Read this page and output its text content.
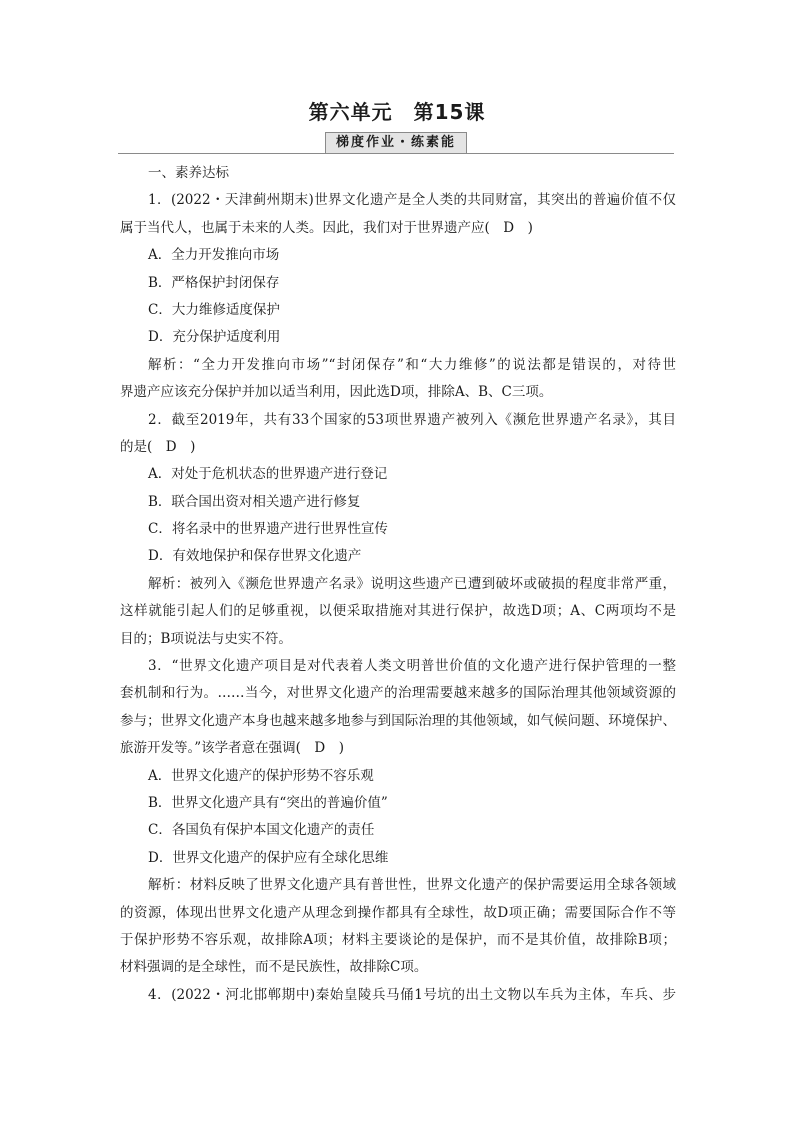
第六单元　第15课
梯度作业・练素能
一、素养达标
1．(2022・天津蓟州期末)世界文化遗产是全人类的共同财富，其突出的普遍价值不仅
属于当代人，也属于未来的人类。因此，我们对于世界遗产应(　D　)
A．全力开发推向市场
B．严格保护封闭保存
C．大力维修适度保护
D．充分保护适度利用
解析：“全力开发推向市场”“封闭保存”和“大力维修”的说法都是错误的，对待世
界遗产应该充分保护并加以适当利用，因此选D项，排除A、B、C三项。
2．截至2019年，共有33个国家的53项世界遗产被列入《濒危世界遗产名录》，其目
的是(　D　)
A．对处于危机状态的世界遗产进行登记
B．联合国出资对相关遗产进行修复
C．将名录中的世界遗产进行世界性宣传
D．有效地保护和保存世界文化遗产
解析：被列入《濒危世界遗产名录》说明这些遗产已遭到破坏或破损的程度非常严重，
这样就能引起人们的足够重视，以便采取措施对其进行保护，故选D项；A、C两项均不是
目的；B项说法与史实不符。
3．“世界文化遗产项目是对代表着人类文明普世价值的文化遗产进行保护管理的一整
套机制和行为。……当今，对世界文化遗产的治理需要越来越多的国际治理其他领域资源的
参与；世界文化遗产本身也越来越多地参与到国际治理的其他领域，如气候问题、环境保护、
旅游开发等。”该学者意在强调(　D　)
A．世界文化遗产的保护形势不容乐观
B．世界文化遗产具有“突出的普遍价值”
C．各国负有保护本国文化遗产的责任
D．世界文化遗产的保护应有全球化思维
解析：材料反映了世界文化遗产具有普世性，世界文化遗产的保护需要运用全球各领域
的资源，体现出世界文化遗产从理念到操作都具有全球性，故D项正确；需要国际合作不等
于保护形势不容乐观，故排除A项；材料主要谈论的是保护，而不是其价值，故排除B项；
材料强调的是全球性，而不是民族性，故排除C项。
4．(2022・河北邯郸期中)秦始皇陵兵马俑1号坑的出土文物以车兵为主体，车兵、步
